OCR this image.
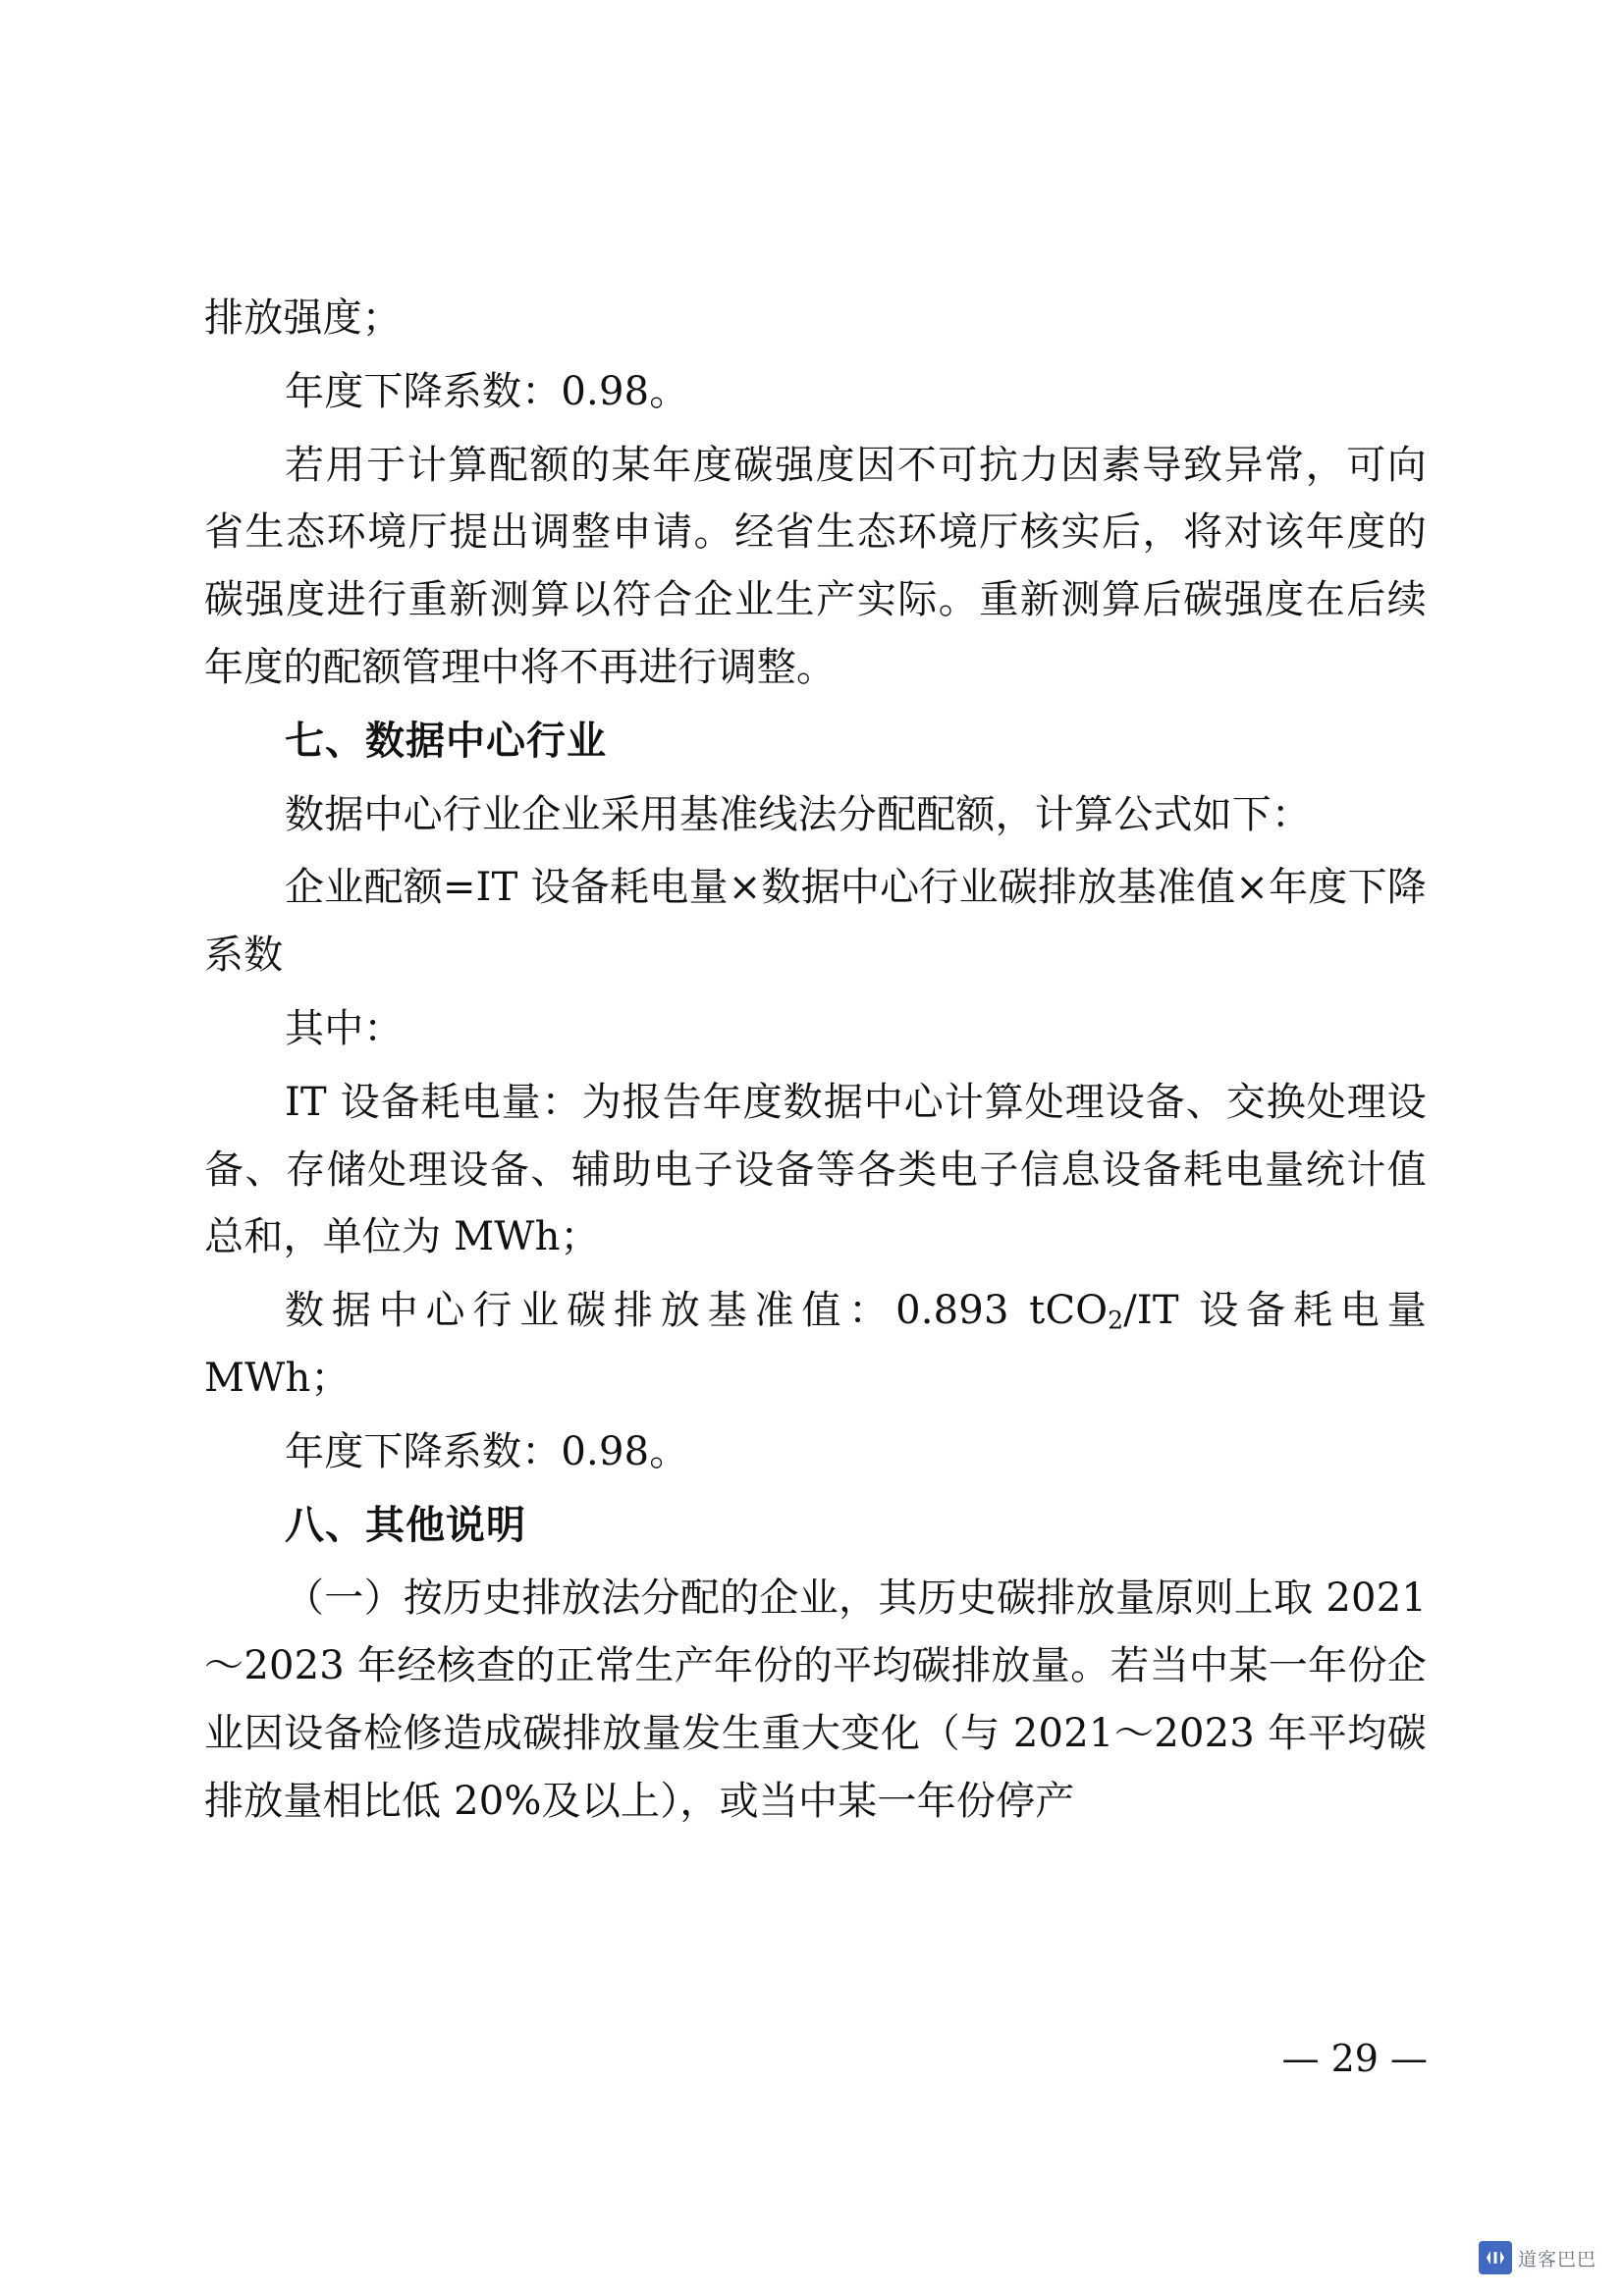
排放强度；

年度下降系数：0.98。

若用于计算配额的某年度碳强度因不可抗力因素导致异常，可向省生态环境厅提出调整申请。经省生态环境厅核实后，将对该年度的碳强度进行重新测算以符合企业生产实际。重新测算后碳强度在后续年度的配额管理中将不再进行调整。

七、数据中心行业

数据中心行业企业采用基准线法分配配额，计算公式如下：

企业配额=IT 设备耗电量×数据中心行业碳排放基准值×年度下降系数

其中：

IT 设备耗电量：为报告年度数据中心计算处理设备、交换处理设备、存储处理设备、辅助电子设备等各类电子信息设备耗电量统计值总和，单位为 MWh；

数据中心行业碳排放基准值：0.893 tCO$_2$/IT 设备耗电量 MWh；

年度下降系数：0.98。

八、其他说明

（一）按历史排放法分配的企业，其历史碳排放量原则上取 2021～2023 年经核查的正常生产年份的平均碳排放量。若当中某一年份企业因设备检修造成碳排放量发生重大变化（与 2021～2023 年平均碳排放量相比低 20%及以上），或当中某一年份停产

— 29 —
道客巴巴
